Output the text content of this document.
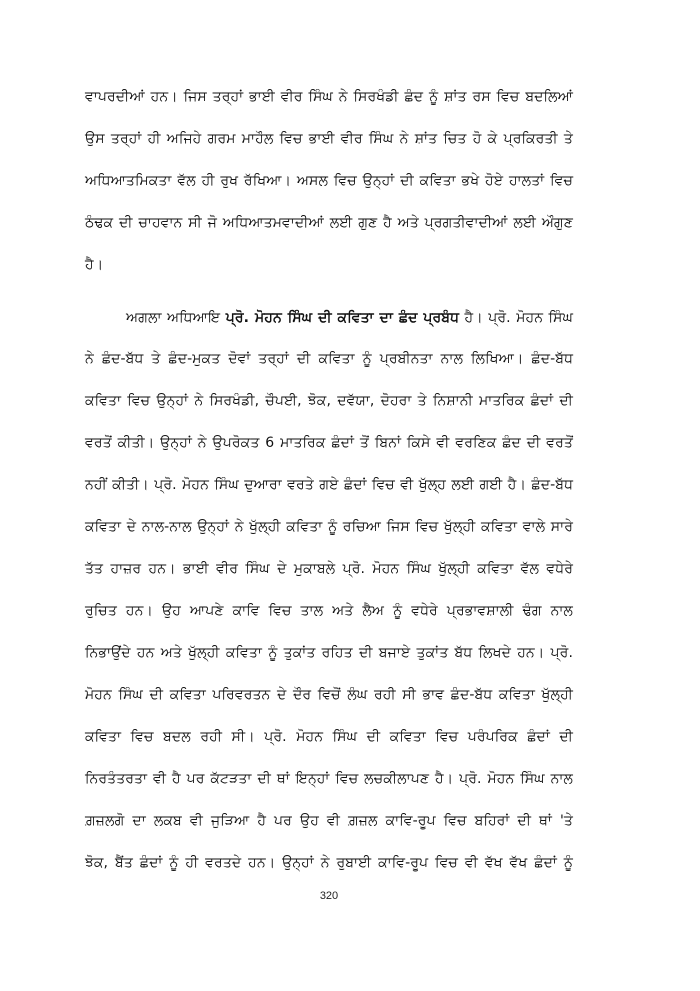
ਵਾਪਰਦੀਆਂ ਹਨ। ਜਿਸ ਤਰ੍ਹਾਂ ਭਾਈ ਵੀਰ ਸਿੰਘ ਨੇ ਸਿਰਖੰਡੀ ਛੰਦ ਨੂੰ ਸ਼ਾਂਤ ਰਸ ਵਿਚ ਬਦਲਿਆਂ
ਉਸ ਤਰ੍ਹਾਂ ਹੀ ਅਜਿਹੇ ਗਰਮ ਮਾਹੌਲ ਵਿਚ ਭਾਈ ਵੀਰ ਸਿੰਘ ਨੇ ਸ਼ਾਂਤ ਚਿਤ ਹੋ ਕੇ ਪ੍ਰਕਿਰਤੀ ਤੇ
ਅਧਿਆਤਮਿਕਤਾ ਵੱਲ ਹੀ ਰੁਖ ਰੱਖਿਆ। ਅਸਲ ਵਿਚ ਉਨ੍ਹਾਂ ਦੀ ਕਵਿਤਾ ਭਖੇ ਹੋਏ ਹਾਲਤਾਂ ਵਿਚ
ਠੰਢਕ ਦੀ ਚਾਹਵਾਨ ਸੀ ਜੋ ਅਧਿਆਤਮਵਾਦੀਆਂ ਲਈ ਗੁਣ ਹੈ ਅਤੇ ਪ੍ਰਗਤੀਵਾਦੀਆਂ ਲਈ ਔਗੁਣ
ਹੈ।
ਅਗਲਾ ਅਧਿਆਇ ਪ੍ਰੋ. ਮੋਹਨ ਸਿੰਘ ਦੀ ਕਵਿਤਾ ਦਾ ਛੰਦ ਪ੍ਰਬੰਧ ਹੈ। ਪ੍ਰੋ. ਮੋਹਨ ਸਿੰਘ
ਨੇ ਛੰਦ-ਬੱਧ ਤੇ ਛੰਦ-ਮੁਕਤ ਦੋਵਾਂ ਤਰ੍ਹਾਂ ਦੀ ਕਵਿਤਾ ਨੂੰ ਪ੍ਰਬੀਨਤਾ ਨਾਲ ਲਿਖਿਆ। ਛੰਦ-ਬੱਧ
ਕਵਿਤਾ ਵਿਚ ਉਨ੍ਹਾਂ ਨੇ ਸਿਰਖੰਡੀ, ਚੌਪਈ, ਝੋਕ, ਦਵੱਯਾ, ਦੋਹਰਾ ਤੇ ਨਿਸ਼ਾਨੀ ਮਾਤਰਿਕ ਛੰਦਾਂ ਦੀ
ਵਰਤੋਂ ਕੀਤੀ। ਉਨ੍ਹਾਂ ਨੇ ਉਪਰੋਕਤ 6 ਮਾਤਰਿਕ ਛੰਦਾਂ ਤੋਂ ਬਿਨਾਂ ਕਿਸੇ ਵੀ ਵਰਣਿਕ ਛੰਦ ਦੀ ਵਰਤੋਂ
ਨਹੀਂ ਕੀਤੀ। ਪ੍ਰੋ. ਮੋਹਨ ਸਿੰਘ ਦੁਆਰਾ ਵਰਤੇ ਗਏ ਛੰਦਾਂ ਵਿਚ ਵੀ ਖੁੱਲ੍ਹ ਲਈ ਗਈ ਹੈ। ਛੰਦ-ਬੱਧ
ਕਵਿਤਾ ਦੇ ਨਾਲ-ਨਾਲ ਉਨ੍ਹਾਂ ਨੇ ਖੁੱਲ੍ਹੀ ਕਵਿਤਾ ਨੂੰ ਰਚਿਆ ਜਿਸ ਵਿਚ ਖੁੱਲ੍ਹੀ ਕਵਿਤਾ ਵਾਲੇ ਸਾਰੇ
ਤੱਤ ਹਾਜ਼ਰ ਹਨ। ਭਾਈ ਵੀਰ ਸਿੰਘ ਦੇ ਮੁਕਾਬਲੇ ਪ੍ਰੋ. ਮੋਹਨ ਸਿੰਘ ਖੁੱਲ੍ਹੀ ਕਵਿਤਾ ਵੱਲ ਵਧੇਰੇ
ਰੁਚਿਤ ਹਨ। ਉਹ ਆਪਣੇ ਕਾਵਿ ਵਿਚ ਤਾਲ ਅਤੇ ਲੈਅ ਨੂੰ ਵਧੇਰੇ ਪ੍ਰਭਾਵਸ਼ਾਲੀ ਢੰਗ ਨਾਲ
ਨਿਭਾਉਂਦੇ ਹਨ ਅਤੇ ਖੁੱਲ੍ਹੀ ਕਵਿਤਾ ਨੂੰ ਤੁਕਾਂਤ ਰਹਿਤ ਦੀ ਬਜਾਏ ਤੁਕਾਂਤ ਬੱਧ ਲਿਖਦੇ ਹਨ। ਪ੍ਰੋ.
ਮੋਹਨ ਸਿੰਘ ਦੀ ਕਵਿਤਾ ਪਰਿਵਰਤਨ ਦੇ ਦੌਰ ਵਿਚੋਂ ਲੰਘ ਰਹੀ ਸੀ ਭਾਵ ਛੰਦ-ਬੱਧ ਕਵਿਤਾ ਖੁੱਲ੍ਹੀ
ਕਵਿਤਾ ਵਿਚ ਬਦਲ ਰਹੀ ਸੀ। ਪ੍ਰੋ. ਮੋਹਨ ਸਿੰਘ ਦੀ ਕਵਿਤਾ ਵਿਚ ਪਰੰਪਰਿਕ ਛੰਦਾਂ ਦੀ
ਨਿਰਤੰਤਰਤਾ ਵੀ ਹੈ ਪਰ ਕੱਟੜਤਾ ਦੀ ਥਾਂ ਇਨ੍ਹਾਂ ਵਿਚ ਲਚਕੀਲਾਪਣ ਹੈ। ਪ੍ਰੋ. ਮੋਹਨ ਸਿੰਘ ਨਾਲ
ਗ਼ਜ਼ਲਗੋ ਦਾ ਲਕਬ ਵੀ ਜੁੜਿਆ ਹੈ ਪਰ ਉਹ ਵੀ ਗ਼ਜ਼ਲ ਕਾਵਿ-ਰੂਪ ਵਿਚ ਬਹਿਰਾਂ ਦੀ ਥਾਂ 'ਤੇ
ਝੋਕ, ਬੈਂਤ ਛੰਦਾਂ ਨੂੰ ਹੀ ਵਰਤਦੇ ਹਨ। ਉਨ੍ਹਾਂ ਨੇ ਰੁਬਾਈ ਕਾਵਿ-ਰੂਪ ਵਿਚ ਵੀ ਵੱਖ ਵੱਖ ਛੰਦਾਂ ਨੂੰ
320
